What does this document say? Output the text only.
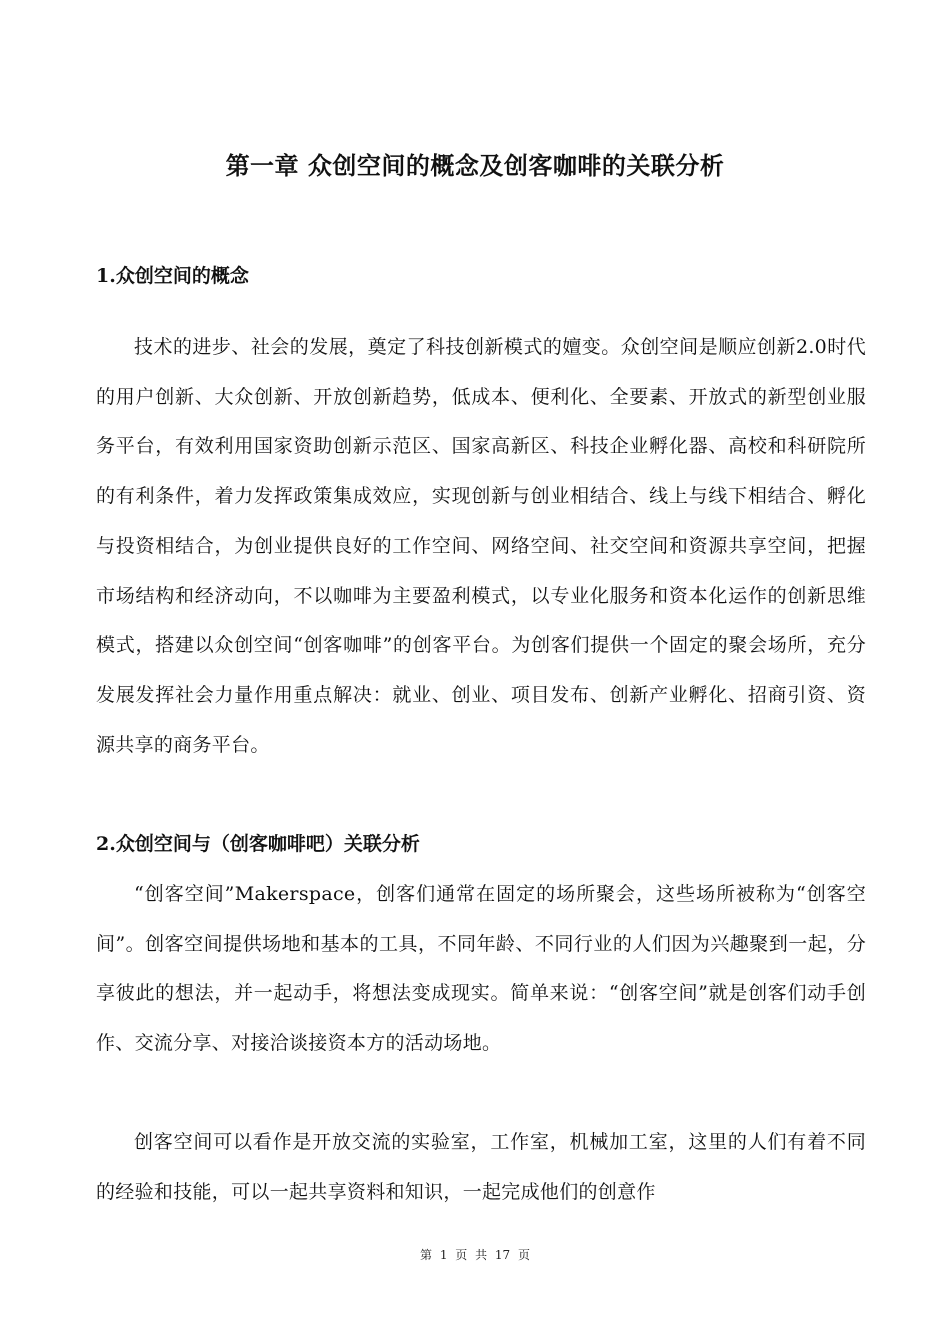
第一章 众创空间的概念及创客咖啡的关联分析
1.众创空间的概念

技术的进步、社会的发展，奠定了科技创新模式的嬗变。众创空间是顺应创新2.0时代的用户创新、大众创新、开放创新趋势，低成本、便利化、全要素、开放式的新型创业服务平台，有效利用国家资助创新示范区、国家高新区、科技企业孵化器、高校和科研院所的有利条件，着力发挥政策集成效应，实现创新与创业相结合、线上与线下相结合、孵化与投资相结合，为创业提供良好的工作空间、网络空间、社交空间和资源共享空间，把握市场结构和经济动向，不以咖啡为主要盈利模式，以专业化服务和资本化运作的创新思维模式，搭建以众创空间“创客咖啡”的创客平台。为创客们提供一个固定的聚会场所，充分发展发挥社会力量作用重点解决：就业、创业、项目发布、创新产业孵化、招商引资、资源共享的商务平台。

2.众创空间与（创客咖啡吧）关联分析

“创客空间”Makerspace，创客们通常在固定的场所聚会，这些场所被称为“创客空间”。创客空间提供场地和基本的工具，不同年龄、不同行业的人们因为兴趣聚到一起，分享彼此的想法，并一起动手，将想法变成现实。简单来说：“创客空间”就是创客们动手创作、交流分享、对接洽谈接资本方的活动场地。

创客空间可以看作是开放交流的实验室，工作室，机械加工室，这里的人们有着不同的经验和技能，可以一起共享资料和知识，一起完成他们的创意作

第 1 页 共 17 页
